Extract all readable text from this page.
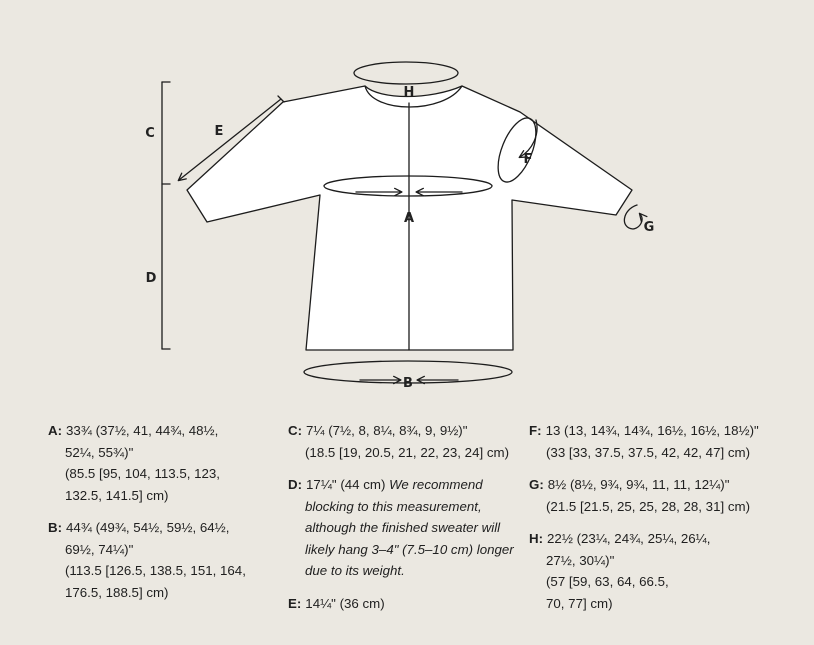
H
A
B
C
D
E
F
G
A: 33¾ (37½, 41, 44¾, 48½,
52¼, 55¾)"
(85.5 [95, 104, 113.5, 123,
132.5, 141.5] cm)
B: 44¾ (49¾, 54½, 59½, 64½,
69½, 74¼)"
(113.5 [126.5, 138.5, 151, 164,
176.5, 188.5] cm)
C: 7¼ (7½, 8, 8¼, 8¾, 9, 9½)"
(18.5 [19, 20.5, 21, 22, 23, 24] cm)
D: 17¼" (44 cm) We recommend
blocking to this measurement,
although the finished sweater will
likely hang 3–4" (7.5–10 cm) longer
due to its weight.
E: 14¼" (36 cm)
F: 13 (13, 14¾, 14¾, 16½, 16½, 18½)"
(33 [33, 37.5, 37.5, 42, 42, 47] cm)
G: 8½ (8½, 9¾, 9¾, 11, 11, 12¼)"
(21.5 [21.5, 25, 25, 28, 28, 31] cm)
H: 22½ (23¼, 24¾, 25¼, 26¼,
27½, 30¼)"
(57 [59, 63, 64, 66.5,
70, 77] cm)
